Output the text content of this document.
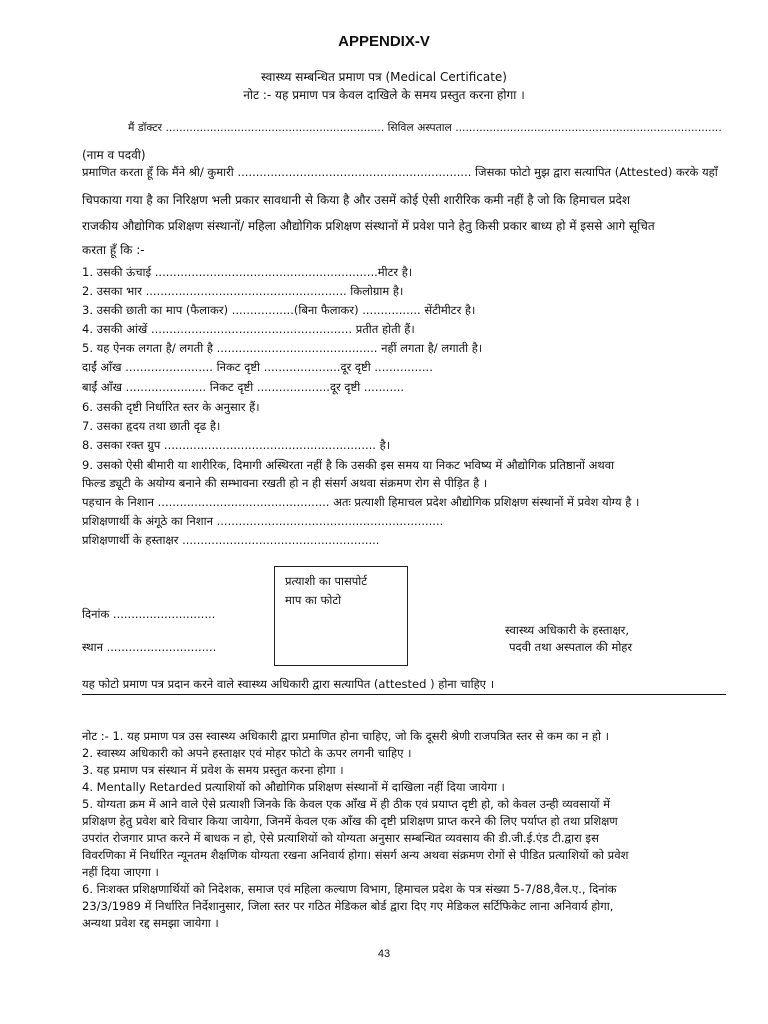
APPENDIX-V
स्वास्थ्य सम्बन्धित प्रमाण पत्र (Medical Certificate)
नोट :- यह प्रमाण पत्र केवल दाखिले के समय प्रस्तुत करना होगा ।
मैं डॉक्टर ................................................................ सिविल अस्पताल ..............................................................................
(नाम व पदवी)
प्रमाणित करता हूँ कि मैंने श्री/ कुमारी ................................................................ जिसका फोटो मुझ द्वारा सत्यापित (Attested) करके यहाँ
चिपकाया गया है का निरिक्षण भली प्रकार सावधानी से किया है और उसमें कोई ऐसी शारीरिक कमी नहीं है जो कि हिमाचल प्रदेश
राजकीय औद्योगिक प्रशिक्षण संस्थानों/ महिला औद्योगिक प्रशिक्षण संस्थानों में प्रवेश पाने हेतु किसी प्रकार बाध्य हो में इससे आगे सूचित
करता हूँ कि :-
1. उसकी ऊंचाई .............................................................मीटर है।
2. उसका भार ....................................................... किलोग्राम है।
3. उसकी छाती का माप (फैलाकर) .................(बिना फैलाकर) ................ सेंटीमीटर है।
4. उसकी आंखें ....................................................... प्रतीत होती हैं।
5. यह ऐनक लगता है/ लगती है ............................................ नहीं लगता है/ लगाती है।
दाईं आँख ........................ निकट दृष्टी .....................दूर दृष्टी ................
बाईं आँख ...................... निकट दृष्टी ....................दूर दृष्टी ...........
6. उसकी दृष्टी निर्धारित स्तर के अनुसार हैं।
7. उसका हृदय तथा छाती दृढ है।
8. उसका रक्त ग्रुप .......................................................... है।
9. उसको ऐसी बीमारी या शारीरिक, दिमागी अस्थिरता नहीं है कि उसकी इस समय या निकट भविष्य में औद्योगिक प्रतिष्ठानों अथवा
फिल्ड ड्यूटी के अयोग्य बनाने की सम्भावना रखती हो न ही संसर्ग अथवा संक्रमण रोग से पीड़ित है ।
पहचान के निशान ............................................... अतः प्रत्याशी हिमाचल प्रदेश औद्योगिक प्रशिक्षण संस्थानों में प्रवेश योग्य है ।
प्रशिक्षणार्थी के अंगूठे का निशान ..............................................................
प्रशिक्षणार्थी के हस्ताक्षर ......................................................
प्रत्याशी का पासपोर्ट
माप का फोटो
दिनांक ............................
स्थान ..............................
स्वास्थ्य अधिकारी के हस्ताक्षर,
पदवी तथा अस्पताल की मोहर
यह फोटो प्रमाण पत्र प्रदान करने वाले स्वास्थ्य अधिकारी द्वारा सत्यापित (attested ) होना चाहिए ।
नोट :- 1. यह प्रमाण पत्र उस स्वास्थ्य अधिकारी द्वारा प्रमाणित होना चाहिए, जो कि दूसरी श्रेणी राजपत्रित स्तर से कम का न हो ।
2. स्वास्थ्य अधिकारी को अपने हस्ताक्षर एवं मोहर फोटो के ऊपर लगनी चाहिए ।
3. यह प्रमाण पत्र संस्थान में प्रवेश के समय प्रस्तुत करना होगा ।
4. Mentally Retarded प्रत्याशियों को औद्योगिक प्रशिक्षण संस्थानों में दाखिला नहीं दिया जायेगा ।
5. योग्यता क्रम में आने वाले ऐसे प्रत्याशी जिनके कि केवल एक आँख में ही ठीक एवं प्रयाप्त दृष्टी हो, को केवल उन्ही व्यवसायों में
प्रशिक्षण हेतु प्रवेश बारे विचार किया जायेगा, जिनमें केवल एक आँख की दृष्टी प्रशिक्षण प्राप्त करने की लिए पर्याप्त हो तथा प्रशिक्षण
उपरांत रोजगार प्राप्त करने में बाधक न हो, ऐसे प्रत्याशियों को योग्यता अनुसार सम्बन्धित व्यवसाय की डी.जी.ई.एंड टी.द्वारा इस
विवरणिका में निर्धारित न्यूनतम शैक्षणिक योग्यता रखना अनिवार्य होगा। संसर्ग अन्य अथवा संक्रमण रोगों से पीडित प्रत्याशियों को प्रवेश
नहीं दिया जाएगा ।
6. निःशक्त प्रशिक्षणार्थियों को निदेशक, समाज एवं महिला कल्याण विभाग, हिमाचल प्रदेश के पत्र संख्या 5-7/88,वैल.ए., दिनांक
23/3/1989 में निर्धारित निर्देशानुसार, जिला स्तर पर गठित मेडिकल बोर्ड द्वारा दिए गए मेडिकल सर्टिफिकेट लाना अनिवार्य होगा,
अन्यथा प्रवेश रद्द समझा जायेगा ।
43
